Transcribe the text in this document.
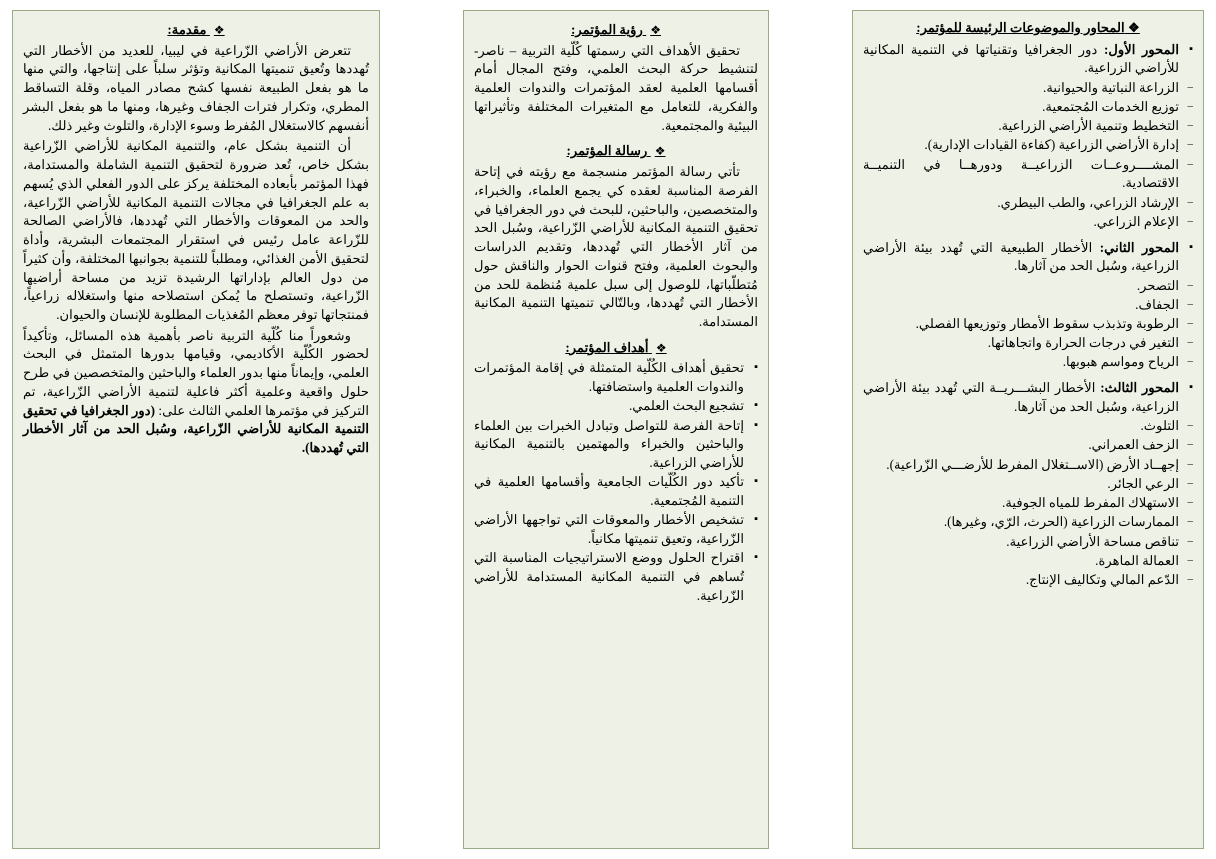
❖ المحاور والموضوعات الرئيسة للمؤتمر:
▪
المحور الأول: دور الجغرافيا وتقنياتها في التنمية المكانية للأراضي الزراعية.
–
الزراعة النباتية والحيوانية.
–
توزيع الخدمات المُجتمعية.
–
التخطيط وتنمية الأراضي الزراعية.
–
إدارة الأراضي الزراعية (كفاءة القيادات الإدارية).
–
المشــــروعــات الزراعيــة ودورهــا في التنميــة الاقتصادية.
–
الإرشاد الزراعي، والطب البيطري.
–
الإعلام الزراعي.
▪
المحور الثاني: الأخطار الطبيعية التي تُهدد بيئة الأراضي الزراعية، وسُبل الحد من آثارها.
–
التصحر.
–
الجفاف.
–
الرطوبة وتذبذب سقوط الأمطار وتوزيعها الفصلي.
–
التغير في درجات الحرارة واتجاهاتها.
–
الرياح ومواسم هبوبها.
▪
المحور الثالث: الأخطار البشـــريــة التي تُهدد بيئة الأراضي الزراعية، وسُبل الحد من آثارها.
–
التلوث.
–
الزحف العمراني.
–
إجهــاد الأرض (الاســتغلال المفرط للأرضـــي الزّراعية).
–
الرعي الجائر.
–
الاستهلاك المفرط للمياه الجوفية.
–
الممارسات الزراعية (الحرث، الرّي، وغيرها).
–
تناقص مساحة الأراضي الزراعية.
–
العمالة الماهرة.
–
الدّعم المالي وتكاليف الإنتاج.
❖ رؤية المؤتمر:

تحقيق الأهداف التي رسمتها كُلّية التربية – ناصر- لتنشيط حركة البحث العلمي، وفتح المجال أمام أقسامها العلمية لعقد المؤتمرات والندوات العلمية والفكرية، للتعامل مع المتغيرات المختلفة وتأثيراتها البيئية والمجتمعية.

❖ رسالة المؤتمر:

تأتي رسالة المؤتمر منسجمة مع رؤيته في إتاحة الفرصة المناسبة لعقده كي يجمع العلماء، والخبراء، والمتخصصين، والباحثين، للبحث في دور الجغرافيا في تحقيق التنمية المكانية للأراضي الزّراعية، وسُبل الحد من آثار الأخطار التي تُهددها، وتقديم الدراسات والبحوث العلمية، وفتح قنوات الحوار والناقش حول مُتطلّباتها، للوصول إلى سبل علمية مُنظمة للحد من الأخطار التي تُهددها، وبالتّالي تنميتها التنمية المكانية المستدامة.

❖ أهداف المؤتمر:
▪
تحقيق أهداف الكُلّية المتمثلة في إقامة المؤتمرات والندوات العلمية واستضافتها.
▪
تشجيع البحث العلمي.
▪
إتاحة الفرصة للتواصل وتبادل الخبرات بين العلماء والباحثين والخبراء والمهتمين بالتنمية المكانية للأراضي الزراعية.
▪
تأكيد دور الكُلّيات الجامعية وأقسامها العلمية في التنمية المُجتمعية.
▪
تشخيص الأخطار والمعوقات التي تواجهها الأراضي الزّراعية، وتعيق تنميتها مكانياً.
▪
اقتراح الحلول ووضع الاستراتيجيات المناسبة التي تُساهم في التنمية المكانية المستدامة للأراضي الزّراعية.
❖ مقدمة:

تتعرض الأراضي الزّراعية في ليبيا، للعديد من الأخطار التي تُهددها وتُعيق تنميتها المكانية وتؤثر سلباً على إنتاجها، والتي منها ما هو بفعل الطبيعة نفسها كشح مصادر المياه، وقلة التساقط المطري، وتكرار فترات الجفاف وغيرها، ومنها ما هو بفعل البشر أنفسهم كالاستغلال المُفرط وسوء الإدارة، والتلوث وغير ذلك.

أن التنمية بشكل عام، والتنمية المكانية للأراضي الزّراعية بشكل خاص، تُعد ضرورة لتحقيق التنمية الشاملة والمستدامة، فهذا المؤتمر بأبعاده المختلفة يركز على الدور الفعلي الذي يُسهم به علم الجغرافيا في مجالات التنمية المكانية للأراضي الزّراعية، والحد من المعوقات والأخطار التي تُهددها، فالأراضي الصالحة للزّراعة عامل رئيس في استقرار المجتمعات البشرية، وأداة لتحقيق الأمن الغذائي، ومطلباً للتنمية بجوانبها المختلفة، وأن كثيراً من دول العالم بإداراتها الرشيدة تزيد من مساحة أراضيها الزّراعية، وتستصلح ما يُمكن استصلاحه منها واستغلاله زراعياً، فمنتجاتها توفر معظم المُغذيات المطلوبة للإنسان والحيوان.

وشعوراً منا كُلّية التربية ناصر بأهمية هذه المسائل، وتأكيداً لحضور الكُلّية الأكاديمي، وقيامها بدورها المتمثل في البحث العلمي، وإيماناً منها بدور العلماء والباحثين والمتخصصين في طرح حلول واقعية وعلمية أكثر فاعلية لتنمية الأراضي الزّراعية، تم التركيز في مؤتمرها العلمي الثالث على: (دور الجغرافيا في تحقيق التنمية المكانية للأراضي الزّراعية، وسُبل الحد من آثار الأخطار التي تُهددها).
